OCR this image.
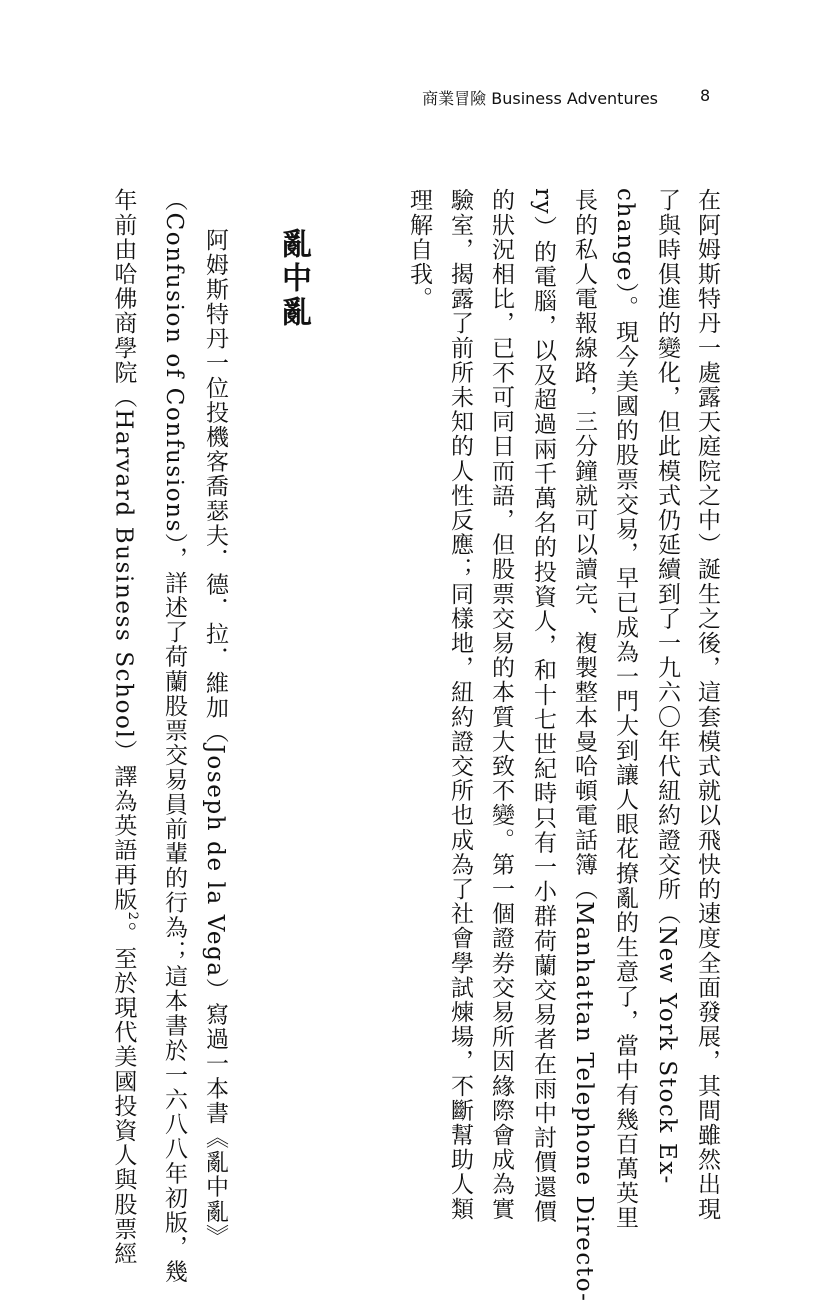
商業冒險 Business Adventures	8
在阿姆斯特丹一處露天庭院之中）誕生之後，這套模式就以飛快的速度全面發展，其間雖然出現
了與時俱進的變化，但此模式仍延續到了一九六〇年代紐約證交所（New York Stock Ex-
change）。現今美國的股票交易，早已成為一門大到讓人眼花撩亂的生意了，當中有幾百萬英里
長的私人電報線路，三分鐘就可以讀完、複製整本曼哈頓電話簿（Manhattan Telephone Directo-
ry）的電腦，以及超過兩千萬名的投資人，和十七世紀時只有一小群荷蘭交易者在雨中討價還價
的狀況相比，已不可同日而語，但股票交易的本質大致不變。第一個證券交易所因緣際會成為實
驗室，揭露了前所未知的人性反應；同樣地，紐約證交所也成為了社會學試煉場，不斷幫助人類
理解自我。
亂中亂
阿姆斯特丹一位投機客喬瑟夫．德．拉．維加（Joseph de la Vega）寫過一本書《亂中亂》
（Confusion of Confusions），詳述了荷蘭股票交易員前輩的行為；這本書於一六八八年初版，幾
年前由哈佛商學院（Harvard Business School）譯為英語再版$^2$。至於現代美國投資人與股票經
